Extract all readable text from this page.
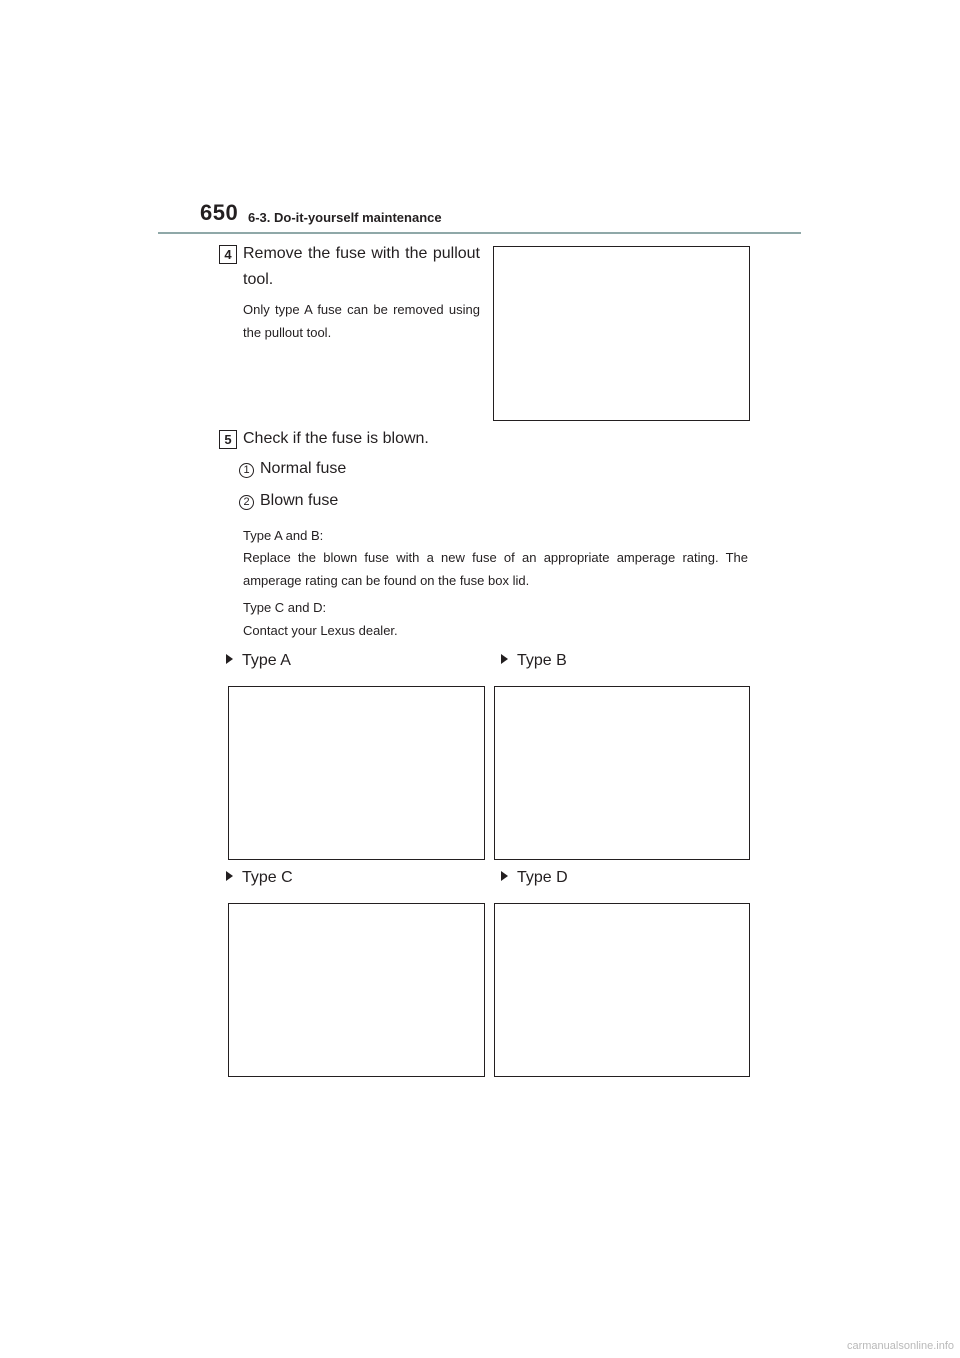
650 6-3. Do-it-yourself maintenance
4 Remove the fuse with the pullout tool.
Only type A fuse can be removed using the pullout tool.
5 Check if the fuse is blown.
1 Normal fuse
2 Blown fuse
Type A and B:
Replace the blown fuse with a new fuse of an appropriate amperage rating. The amperage rating can be found on the fuse box lid.
Type C and D:
Contact your Lexus dealer.
Type A	Type B
Type C	Type D
carmanualsonline.info
